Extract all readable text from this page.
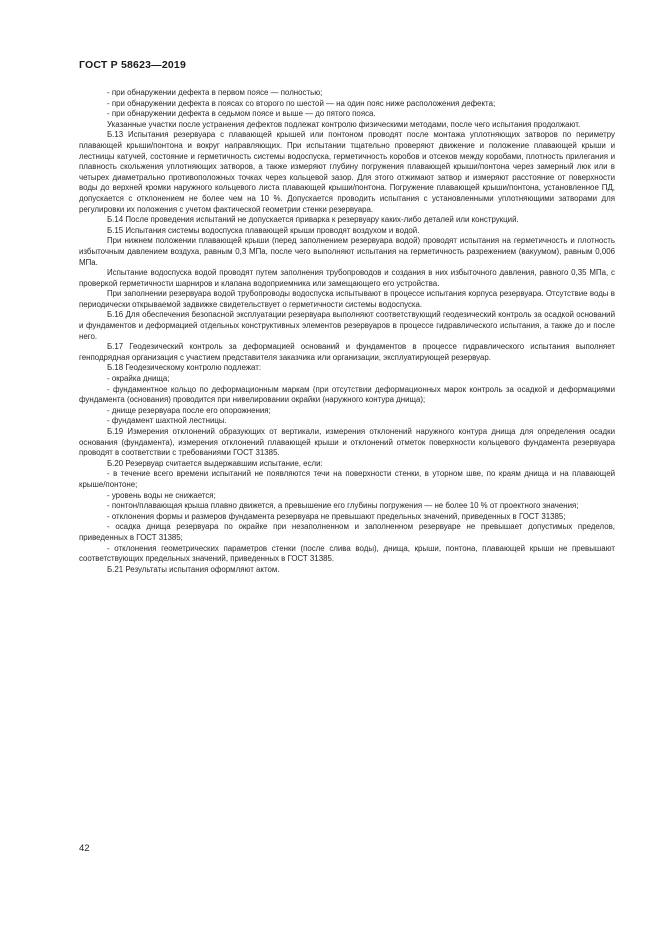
ГОСТ Р 58623—2019

- при обнаружении дефекта в первом поясе — полностью;

- при обнаружении дефекта в поясах со второго по шестой — на один пояс ниже расположения дефекта;

- при обнаружении дефекта в седьмом поясе и выше — до пятого пояса.

Указанные участки после устранения дефектов подлежат контролю физическими методами, после чего испытания продолжают.

Б.13 Испытания резервуара с плавающей крышей или понтоном проводят после монтажа уплотняющих затворов по периметру плавающей крыши/понтона и вокруг направляющих. При испытании тщательно проверяют движение и положение плавающей крыши и лестницы катучей, состояние и герметичность системы водоспуска, герметичность коробов и отсеков между коробами, плотность прилегания и плавность скольжения уплотняющих затворов, а также измеряют глубину погружения плавающей крыши/понтона через замерный люк или в четырех диаметрально противоположных точках через кольцевой зазор. Для этого отжимают затвор и измеряют расстояние от поверхности воды до верхней кромки наружного кольцевого листа плавающей крыши/понтона. Погружение плавающей крыши/понтона, установленное ПД, допускается с отклонением не более чем на 10 %. Допускается проводить испытания с установленными уплотняющими затворами для регулировки их положения с учетом фактической геометрии стенки резервуара.

Б.14 После проведения испытаний не допускается приварка к резервуару каких-либо деталей или конструкций.

Б.15 Испытания системы водоспуска плавающей крыши проводят воздухом и водой.

При нижнем положении плавающей крыши (перед заполнением резервуара водой) проводят испытания на герметичность и плотность избыточным давлением воздуха, равным 0,3 МПа, после чего выполняют испытания на герметичность разрежением (вакуумом), равным 0,006 МПа.

Испытание водоспуска водой проводят путем заполнения трубопроводов и создания в них избыточного давления, равного 0,35 МПа, с проверкой герметичности шарниров и клапана водоприемника или замещающего его устройства.

При заполнении резервуара водой трубопроводы водоспуска испытывают в процессе испытания корпуса резервуара. Отсутствие воды в периодически открываемой задвижке свидетельствует о герметичности системы водоспуска.

Б.16 Для обеспечения безопасной эксплуатации резервуара выполняют соответствующий геодезический контроль за осадкой оснований и фундаментов и деформацией отдельных конструктивных элементов резервуаров в процессе гидравлического испытания, а также до и после него.

Б.17 Геодезический контроль за деформацией оснований и фундаментов в процессе гидравлического испытания выполняет генподрядная организация с участием представителя заказчика или организации, эксплуатирующей резервуар.

Б.18 Геодезическому контролю подлежат:

- окрайка днища;

- фундаментное кольцо по деформационным маркам (при отсутствии деформационных марок контроль за осадкой и деформациями фундамента (основания) проводится при нивелировании окрайки (наружного контура днища);

- днище резервуара после его опорожнения;

- фундамент шахтной лестницы.

Б.19 Измерения отклонений образующих от вертикали, измерения отклонений наружного контура днища для определения осадки основания (фундамента), измерения отклонений плавающей крыши и отклонений отметок поверхности кольцевого фундамента резервуара проводят в соответствии с требованиями ГОСТ 31385.

Б.20 Резервуар считается выдержавшим испытание, если:

- в течение всего времени испытаний не появляются течи на поверхности стенки, в уторном шве, по краям днища и на плавающей крыше/понтоне;

- уровень воды не снижается;

- понтон/плавающая крыша плавно движется, а превышение его глубины погружения — не более 10 % от проектного значения;

- отклонения формы и размеров фундамента резервуара не превышают предельных значений, приведенных в ГОСТ 31385;

- осадка днища резервуара по окрайке при незаполненном и заполненном резервуаре не превышает допустимых пределов, приведенных в ГОСТ 31385;

- отклонения геометрических параметров стенки (после слива воды), днища, крыши, понтона, плавающей крыши не превышают соответствующих предельных значений, приведенных в ГОСТ 31385.

Б.21 Результаты испытания оформляют актом.

42
